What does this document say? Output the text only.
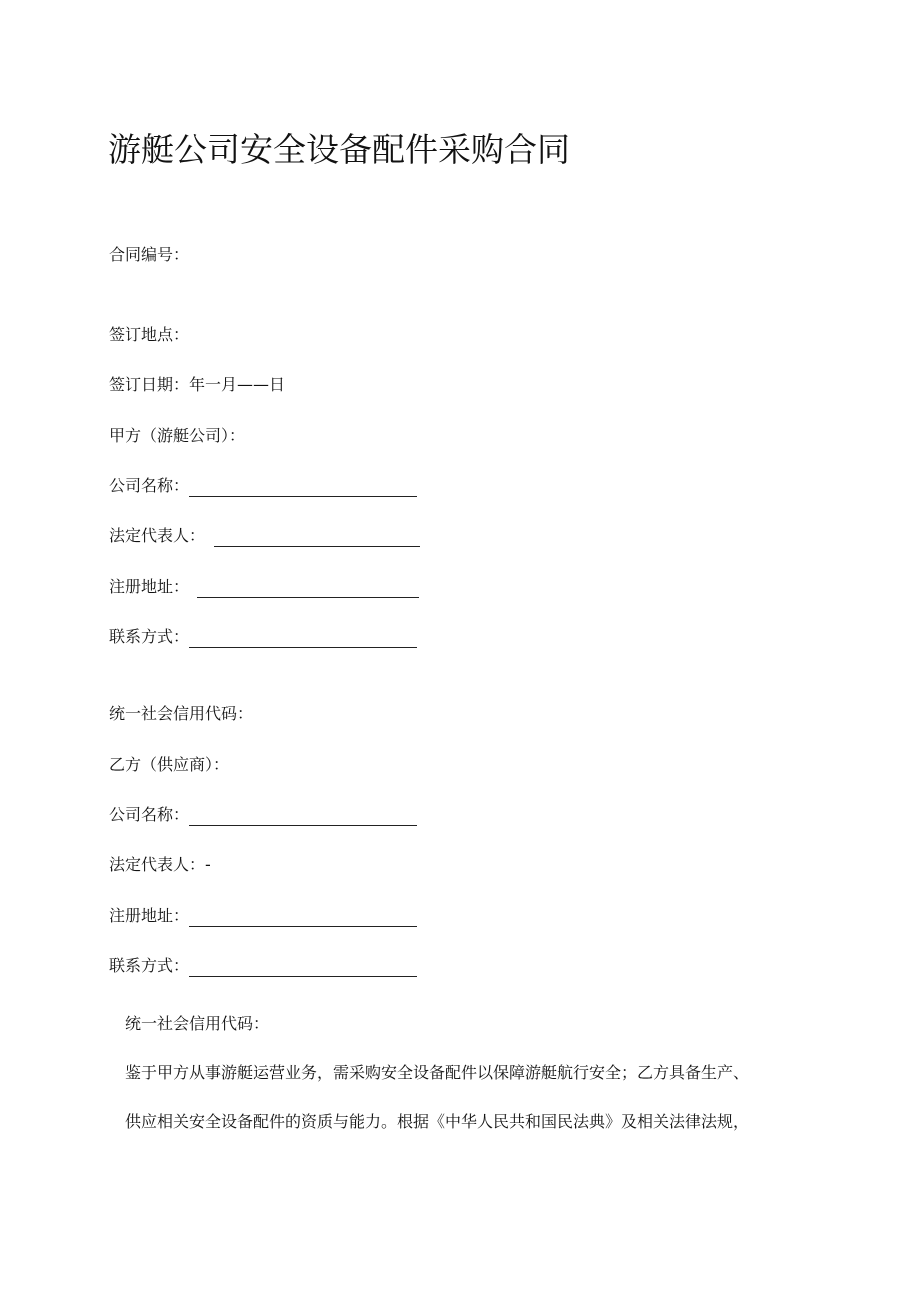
游艇公司安全设备配件采购合同
合同编号：
签订地点：
签订日期：年一月——日
甲方（游艇公司）：
公司名称：
法定代表人：
注册地址：
联系方式：
统一社会信用代码：
乙方（供应商）：
公司名称：
法定代表人：-
注册地址：
联系方式：
统一社会信用代码：
鉴于甲方从事游艇运营业务，需采购安全设备配件以保障游艇航行安全；乙方具备生产、
供应相关安全设备配件的资质与能力。根据《中华人民共和国民法典》及相关法律法规，
